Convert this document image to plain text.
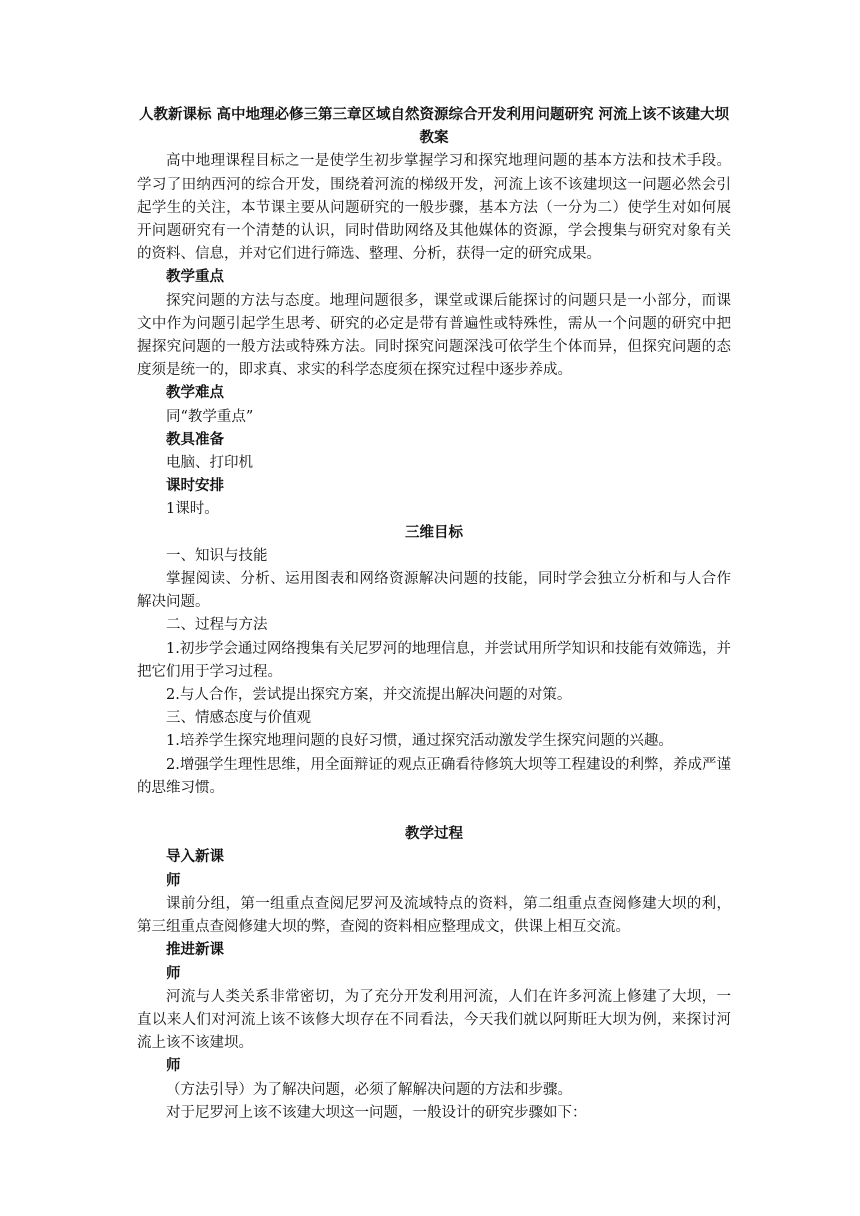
人教新课标 高中地理必修三第三章区域自然资源综合开发利用问题研究 河流上该不该建大坝 教案

高中地理课程目标之一是使学生初步掌握学习和探究地理问题的基本方法和技术手段。学习了田纳西河的综合开发，围绕着河流的梯级开发，河流上该不该建坝这一问题必然会引起学生的关注，本节课主要从问题研究的一般步骤，基本方法（一分为二）使学生对如何展开问题研究有一个清楚的认识，同时借助网络及其他媒体的资源，学会搜集与研究对象有关的资料、信息，并对它们进行筛选、整理、分析，获得一定的研究成果。

教学重点

探究问题的方法与态度。地理问题很多，课堂或课后能探讨的问题只是一小部分，而课文中作为问题引起学生思考、研究的必定是带有普遍性或特殊性，需从一个问题的研究中把握探究问题的一般方法或特殊方法。同时探究问题深浅可依学生个体而异，但探究问题的态度须是统一的，即求真、求实的科学态度须在探究过程中逐步养成。

教学难点

同“教学重点”

教具准备

电脑、打印机

课时安排

1课时。

三维目标

一、知识与技能

掌握阅读、分析、运用图表和网络资源解决问题的技能，同时学会独立分析和与人合作解决问题。

二、过程与方法

1.初步学会通过网络搜集有关尼罗河的地理信息，并尝试用所学知识和技能有效筛选，并把它们用于学习过程。

2.与人合作，尝试提出探究方案，并交流提出解决问题的对策。

三、情感态度与价值观

1.培养学生探究地理问题的良好习惯，通过探究活动激发学生探究问题的兴趣。

2.增强学生理性思维，用全面辩证的观点正确看待修筑大坝等工程建设的利弊，养成严谨的思维习惯。

教学过程

导入新课

师

课前分组，第一组重点查阅尼罗河及流域特点的资料，第二组重点查阅修建大坝的利，第三组重点查阅修建大坝的弊，查阅的资料相应整理成文，供课上相互交流。

推进新课

师

河流与人类关系非常密切，为了充分开发利用河流，人们在许多河流上修建了大坝，一直以来人们对河流上该不该修大坝存在不同看法，今天我们就以阿斯旺大坝为例，来探讨河流上该不该建坝。

师

（方法引导）为了解决问题，必须了解解决问题的方法和步骤。

对于尼罗河上该不该建大坝这一问题，一般设计的研究步骤如下：
